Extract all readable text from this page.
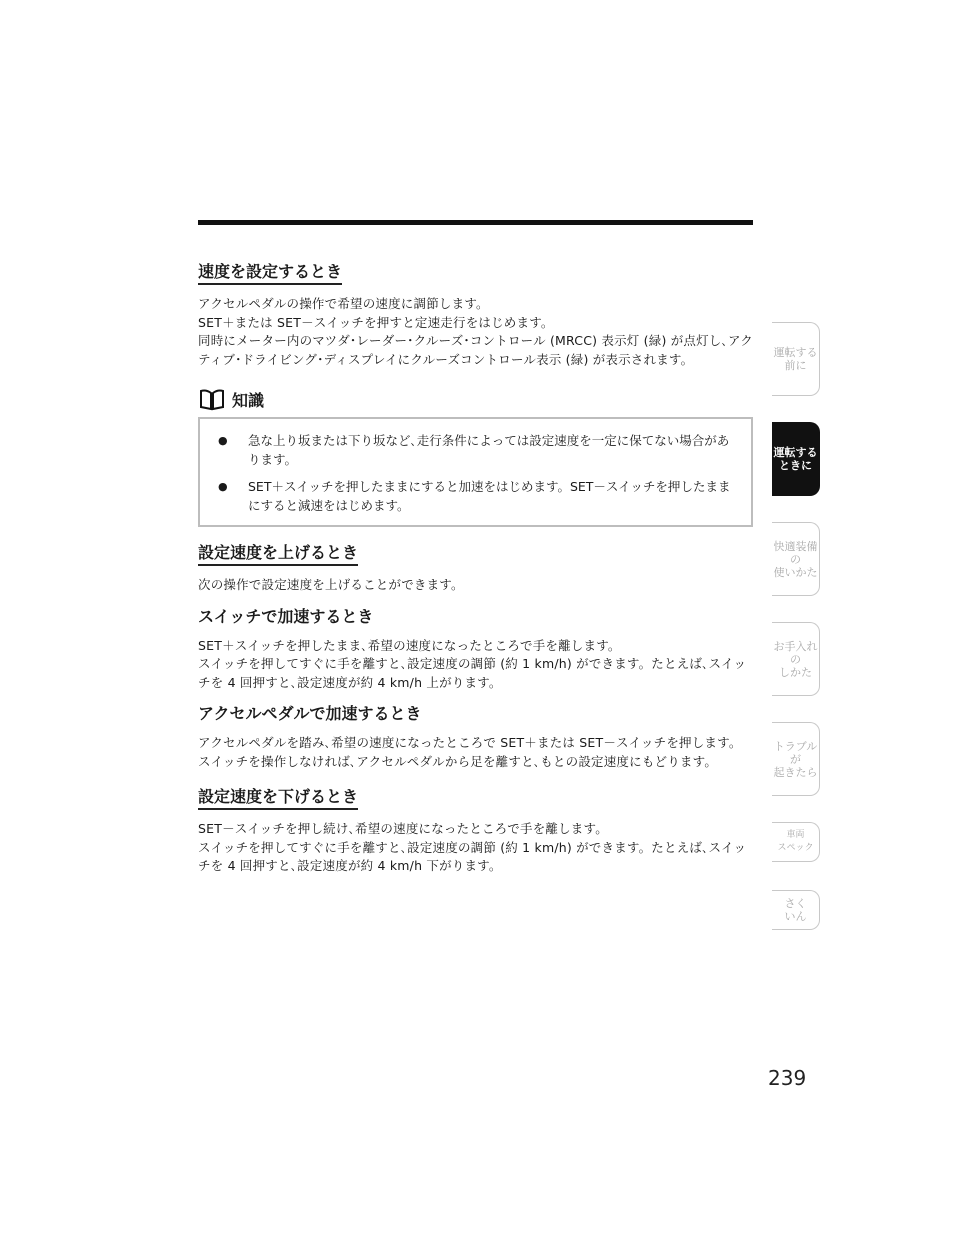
速度を設定するとき

アクセルペダルの操作で希望の速度に調節します。

SET＋または SET－スイッチを押すと定速走行をはじめます。

同時にメーター内のマツダ･レーダー･クルーズ･コントロール (MRCC) 表示灯 (緑) が点灯し､アクティブ･ドライビング･ディスプレイにクルーズコントロール表示 (緑) が表示されます。

知識
●	急な上り坂または下り坂など､走行条件によっては設定速度を一定に保てない場合があります。
●	SET＋スイッチを押したままにすると加速をはじめます。SET－スイッチを押したままにすると減速をはじめます。
設定速度を上げるとき

次の操作で設定速度を上げることができます。

スイッチで加速するとき

SET＋スイッチを押したまま､希望の速度になったところで手を離します。

スイッチを押してすぐに手を離すと､設定速度の調節 (約 1 km/h) ができます。たとえば､スイッチを 4 回押すと､設定速度が約 4 km/h 上がります。

アクセルペダルで加速するとき

アクセルペダルを踏み､希望の速度になったところで SET＋または SET－スイッチを押します。

スイッチを操作しなければ､アクセルペダルから足を離すと､もとの設定速度にもどります。

設定速度を下げるとき

SET－スイッチを押し続け､希望の速度になったところで手を離します。

スイッチを押してすぐに手を離すと､設定速度の調節 (約 1 km/h) ができます。たとえば､スイッチを 4 回押すと､設定速度が約 4 km/h 下がります。

運転する
前に
運転する
ときに
快適装備の
使いかた
お手入れの
しかた
トラブルが
起きたら
車両
スペック
さく
いん
239
